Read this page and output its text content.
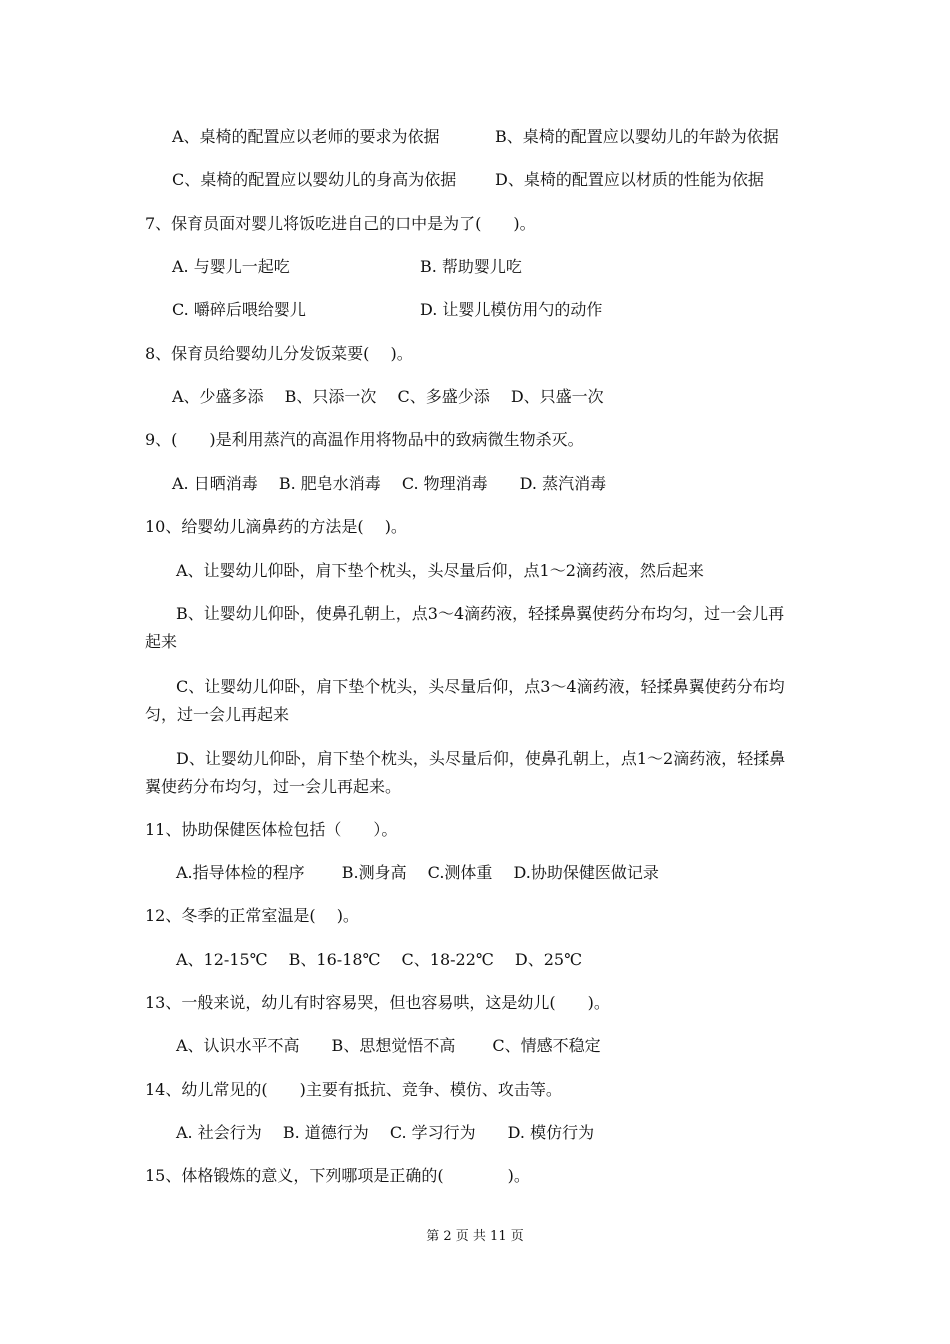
A、桌椅的配置应以老师的要求为依据	B、桌椅的配置应以婴幼儿的年龄为依据
C、桌椅的配置应以婴幼儿的身高为依据 D、桌椅的配置应以材质的性能为依据
7、保育员面对婴儿将饭吃进自己的口中是为了(　　)。
A. 与婴儿一起吃	B. 帮助婴儿吃
C. 嚼碎后喂给婴儿	D. 让婴儿模仿用勺的动作
8、保育员给婴幼儿分发饭菜要(　 )。
A、少盛多添　 B、只添一次　 C、多盛少添　 D、只盛一次
9、(　　)是利用蒸汽的高温作用将物品中的致病微生物杀灭。
A. 日晒消毒　 B. 肥皂水消毒　 C. 物理消毒　　D. 蒸汽消毒
10、给婴幼儿滴鼻药的方法是(　 )。
A、让婴幼儿仰卧，肩下垫个枕头，头尽量后仰，点1～2滴药液，然后起来
B、让婴幼儿仰卧，使鼻孔朝上，点3～4滴药液，轻揉鼻翼使药分布均匀，过一会儿再
起来
C、让婴幼儿仰卧，肩下垫个枕头，头尽量后仰，点3～4滴药液，轻揉鼻翼使药分布均
匀，过一会儿再起来
D、让婴幼儿仰卧，肩下垫个枕头，头尽量后仰，使鼻孔朝上，点1～2滴药液，轻揉鼻
翼使药分布均匀，过一会儿再起来。
11、协助保健医体检包括（　　）。
A.指导体检的程序　　 B.测身高　 C.测体重　 D.协助保健医做记录
12、冬季的正常室温是(　 )。
A、12-15℃　 B、16-18℃　 C、18-22℃　 D、25℃
13、一般来说，幼儿有时容易哭，但也容易哄，这是幼儿(　　)。
A、认识水平不高　　B、思想觉悟不高　　 C、情感不稳定
14、幼儿常见的(　　)主要有抵抗、竞争、模仿、攻击等。
A. 社会行为　 B. 道德行为　 C. 学习行为　　D. 模仿行为
15、体格锻炼的意义，下列哪项是正确的(　　　　)。
第 2 页 共 11 页
